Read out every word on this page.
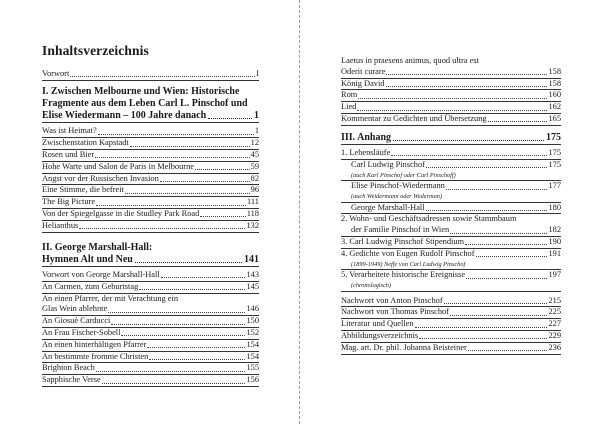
Inhaltsverzeichnis
Vorwort	I
I. Zwischen Melbourne und Wien: Historische
Fragmente aus dem Leben Carl L. Pinschof und
Elise Wiedermann – 100 Jahre danach	1
Was ist Heimat?	1
Zwischenstation Kapstadt	12
Rosen und Bier	45
Hohe Warte und Salon de Paris in Melbourne	59
Angst vor der Russischen Invasion	82
Eine Stimme, die befreit	96
The Big Picture	111
Von der Spiegelgasse in die Studley Park Road	118
Helianthus	132
II. George Marshall-Hall:
Hymnen Alt und Neu	141
Vorwort von George Marshall-Hall	143
An Carmen, zum Geburtstag	145
An einen Pfarrer, der mit Verachtung ein
Glas Wein ablehnte	146
An Giosuè Carducci	150
An Frau Fischer-Sobell	152
An einen hinterhältigen Pfarrer	154
An bestimmte fromme Christen	154
Brighton Beach	155
Sapphische Verse	156
Laetus in praesens animus, quod ultra est
Oderit curare	158
König David	158
Rom	160
Lied	162
Kommentar zu Gedichten und Übersetzung	165
III. Anhang	175
1. Lebensläufe	175
Carl Ludwig Pinschof	175
(auch Karl Pinschof oder Carl Pinschoff)
Elise Pinschof-Wiedermann	177
(auch Weidermann oder Wederman)
George Marshall-Hall	180
2. Wohn- und Geschäftsadressen sowie Stammbaum
der Familie Pinschof in Wien	182
3. Carl Ludwig Pinschof Stipendium	190
4. Gedichte von Eugen Rudolf Pinschof	191
(1899-1949) Neffe von Carl Ludwig Pinschof
5. Verarbeitete historische Ereignisse	197
(chronologisch)
Nachwort von Anton Pinschof	215
Nachwort von Thomas Pinschof	225
Literatur und Quellen	227
Abbildungsverzeichnis	229
Mag. art. Dr. phil. Johanna Beisteiner	236
